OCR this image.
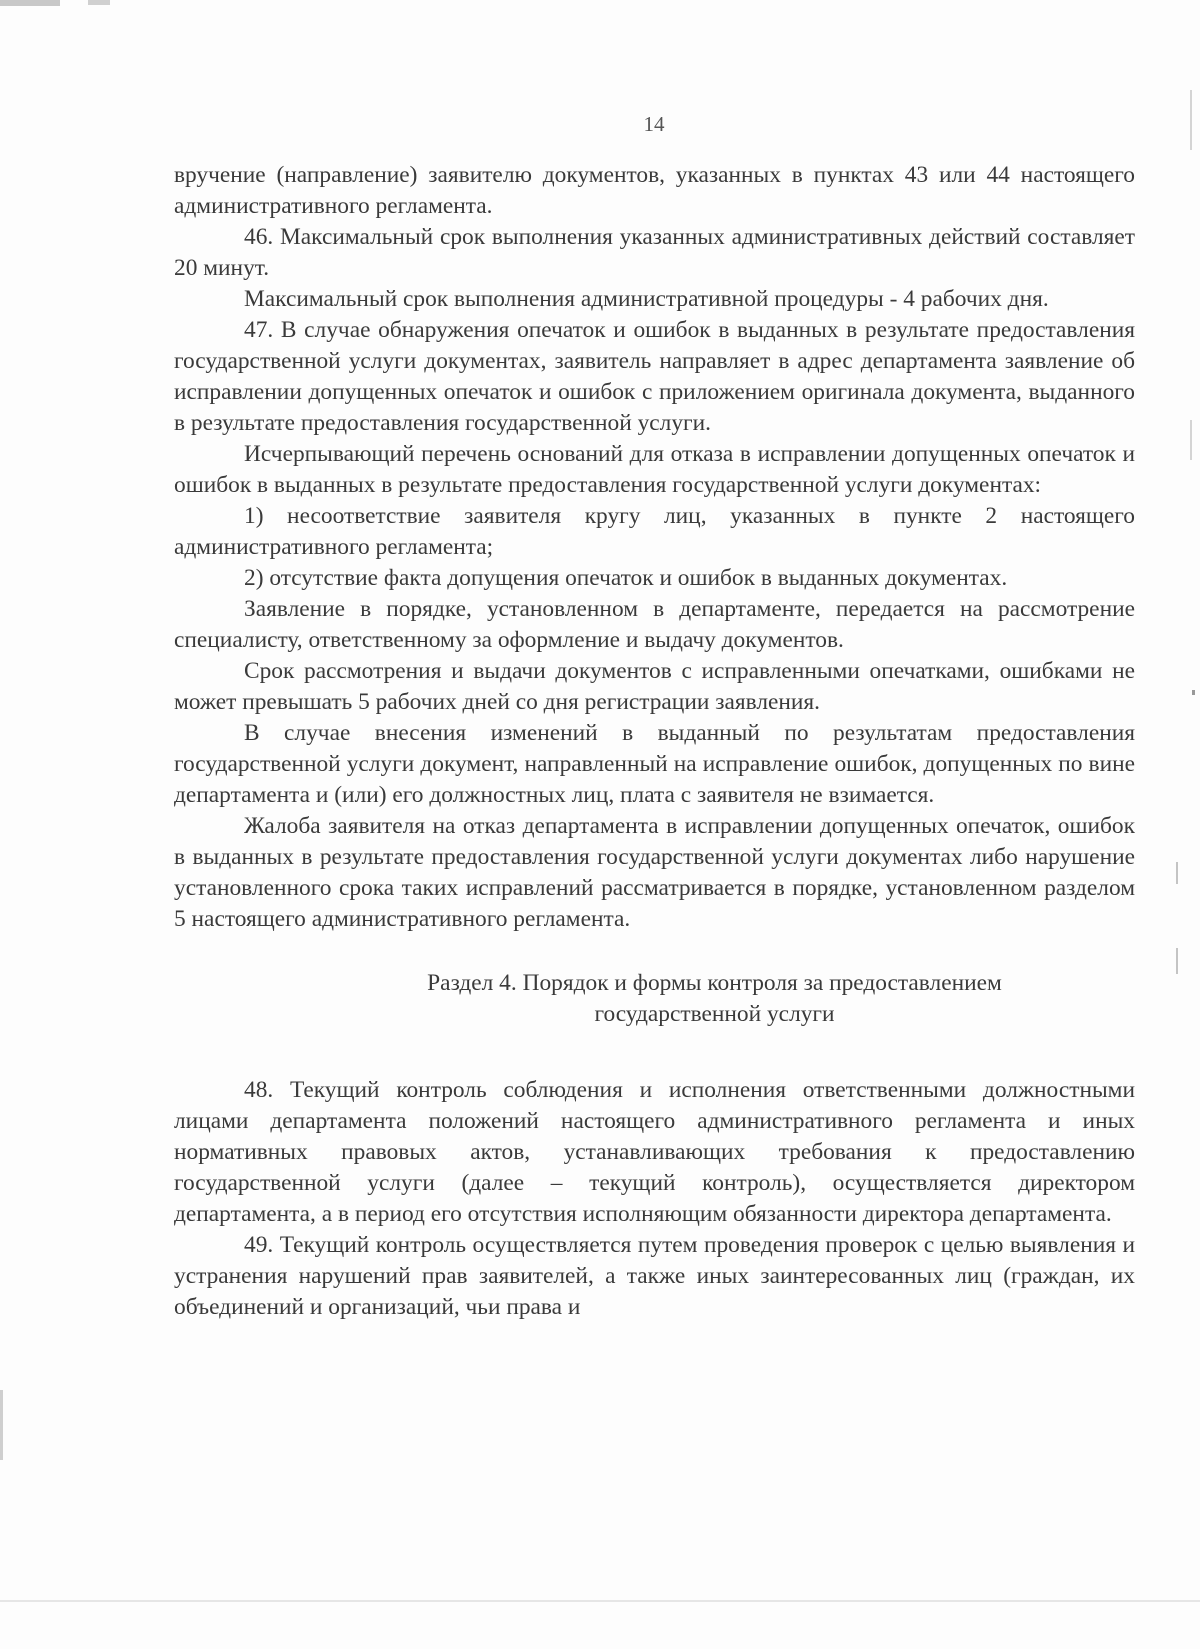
14

вручение (направление) заявителю документов, указанных в пунктах 43 или 44 настоящего административного регламента.

46. Максимальный срок выполнения указанных административных действий составляет 20 минут.

Максимальный срок выполнения административной процедуры - 4 рабочих дня.

47. В случае обнаружения опечаток и ошибок в выданных в результате предоставления государственной услуги документах, заявитель направляет в адрес департамента заявление об исправлении допущенных опечаток и ошибок с приложением оригинала документа, выданного в результате предоставления государственной услуги.

Исчерпывающий перечень оснований для отказа в исправлении допущенных опечаток и ошибок в выданных в результате предоставления государственной услуги документах:

1) несоответствие заявителя кругу лиц, указанных в пункте 2 настоящего административного регламента;

2) отсутствие факта допущения опечаток и ошибок в выданных документах.

Заявление в порядке, установленном в департаменте, передается на рассмотрение специалисту, ответственному за оформление и выдачу документов.

Срок рассмотрения и выдачи документов с исправленными опечатками, ошибками не может превышать 5 рабочих дней со дня регистрации заявления.

В случае внесения изменений в выданный по результатам предоставления государственной услуги документ, направленный на исправление ошибок, допущенных по вине департамента и (или) его должностных лиц, плата с заявителя не взимается.

Жалоба заявителя на отказ департамента в исправлении допущенных опечаток, ошибок в выданных в результате предоставления государственной услуги документах либо нарушение установленного срока таких исправлений рассматривается в порядке, установленном разделом 5 настоящего административного регламента.

Раздел 4. Порядок и формы контроля за предоставлением
государственной услуги

48. Текущий контроль соблюдения и исполнения ответственными должностными лицами департамента положений настоящего административного регламента и иных нормативных правовых актов, устанавливающих требования к предоставлению государственной услуги (далее – текущий контроль), осуществляется директором департамента, а в период его отсутствия исполняющим обязанности директора департамента.

49. Текущий контроль осуществляется путем проведения проверок с целью выявления и устранения нарушений прав заявителей, а также иных заинтересованных лиц (граждан, их объединений и организаций, чьи права и
